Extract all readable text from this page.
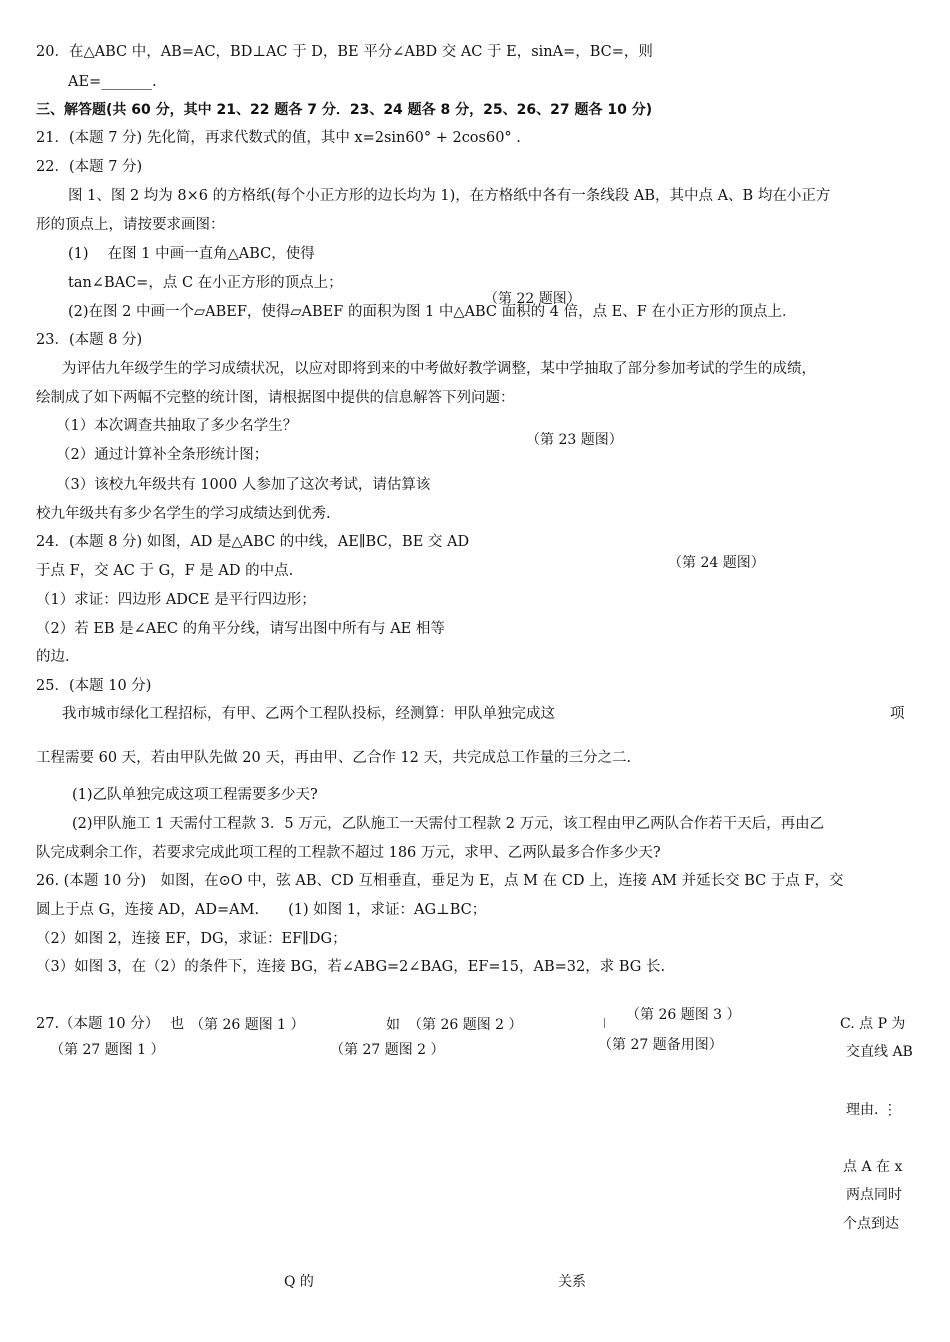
20．在△ABC 中，AB=AC，BD⊥AC 于 D，BE 平分∠ABD 交 AC 于 E，sinA=，BC=，则
AE=_______.
三、解答题(共 60 分，其中 21、22 题各 7 分．23、24 题各 8 分，25、26、27 题各 10 分)
21．(本题 7 分) 先化简，再求代数式的值，其中 x=2sin60° + 2cos60° .
22．(本题 7 分)
图 1、图 2 均为 8×6 的方格纸(每个小正方形的边长均为 1)，在方格纸中各有一条线段 AB，其中点 A、B 均在小正方
形的顶点上，请按要求画图：
(1)　 在图 1 中画一直角△ABC，使得
tan∠BAC=，点 C 在小正方形的顶点上；
(2)在图 2 中画一个▱ABEF，使得▱ABEF 的面积为图 1 中△ABC 面积的 4 倍，点 E、F 在小正方形的顶点上．
（第 22 题图）
23．(本题 8 分)
为评估九年级学生的学习成绩状况，以应对即将到来的中考做好教学调整，某中学抽取了部分参加考试的学生的成绩，
绘制成了如下两幅不完整的统计图，请根据图中提供的信息解答下列问题：
（1）本次调查共抽取了多少名学生？
（2）通过计算补全条形统计图；
（3）该校九年级共有 1000 人参加了这次考试，请估算该
校九年级共有多少名学生的学习成绩达到优秀.
（第 23 题图）
24．(本题 8 分) 如图，AD 是△ABC 的中线，AE∥BC，BE 交 AD
于点 F，交 AC 于 G，F 是 AD 的中点.
（1）求证：四边形 ADCE 是平行四边形；
（2）若 EB 是∠AEC 的角平分线，请写出图中所有与 AE 相等
的边.
（第 24 题图）
25．(本题 10 分)
我市城市绿化工程招标，有甲、乙两个工程队投标，经测算：甲队单独完成这	项
工程需要 60 天，若由甲队先做 20 天，再由甲、乙合作 12 天，共完成总工作量的三分之二.
(1)乙队单独完成这项工程需要多少天?
(2)甲队施工 1 天需付工程款 3．5 万元，乙队施工一天需付工程款 2 万元，该工程由甲乙两队合作若干天后，再由乙
队完成剩余工作，若要求完成此项工程的工程款不超过 186 万元，求甲、乙两队最多合作多少天?
26. (本题 10 分)　如图，在⊙O 中，弦 AB、CD 互相垂直，垂足为 E，点 M 在 CD 上，连接 AM 并延长交 BC 于点 F，交
圆上于点 G，连接 AD，AD=AM.　　(1) 如图 1，求证：AG⊥BC；
（2）如图 2，连接 EF，DG，求证：EF∥DG；
（3）如图 3，在（2）的条件下，连接 BG，若∠ABG=2∠BAG，EF=15，AB=32，求 BG 长.
27.（本题 10 分） 也 （第 26 题图 1 ）	如 （第 26 题图 2 ）
（第 26 题图 3 ）
（第 27 题图 1 ）	（第 27 题图 2 ）	（第 27 题备用图）
C. 点 P 为
交直线 AB
理由. ⋮
点 A 在 x
两点同时
个点到达
Q 的	关系
